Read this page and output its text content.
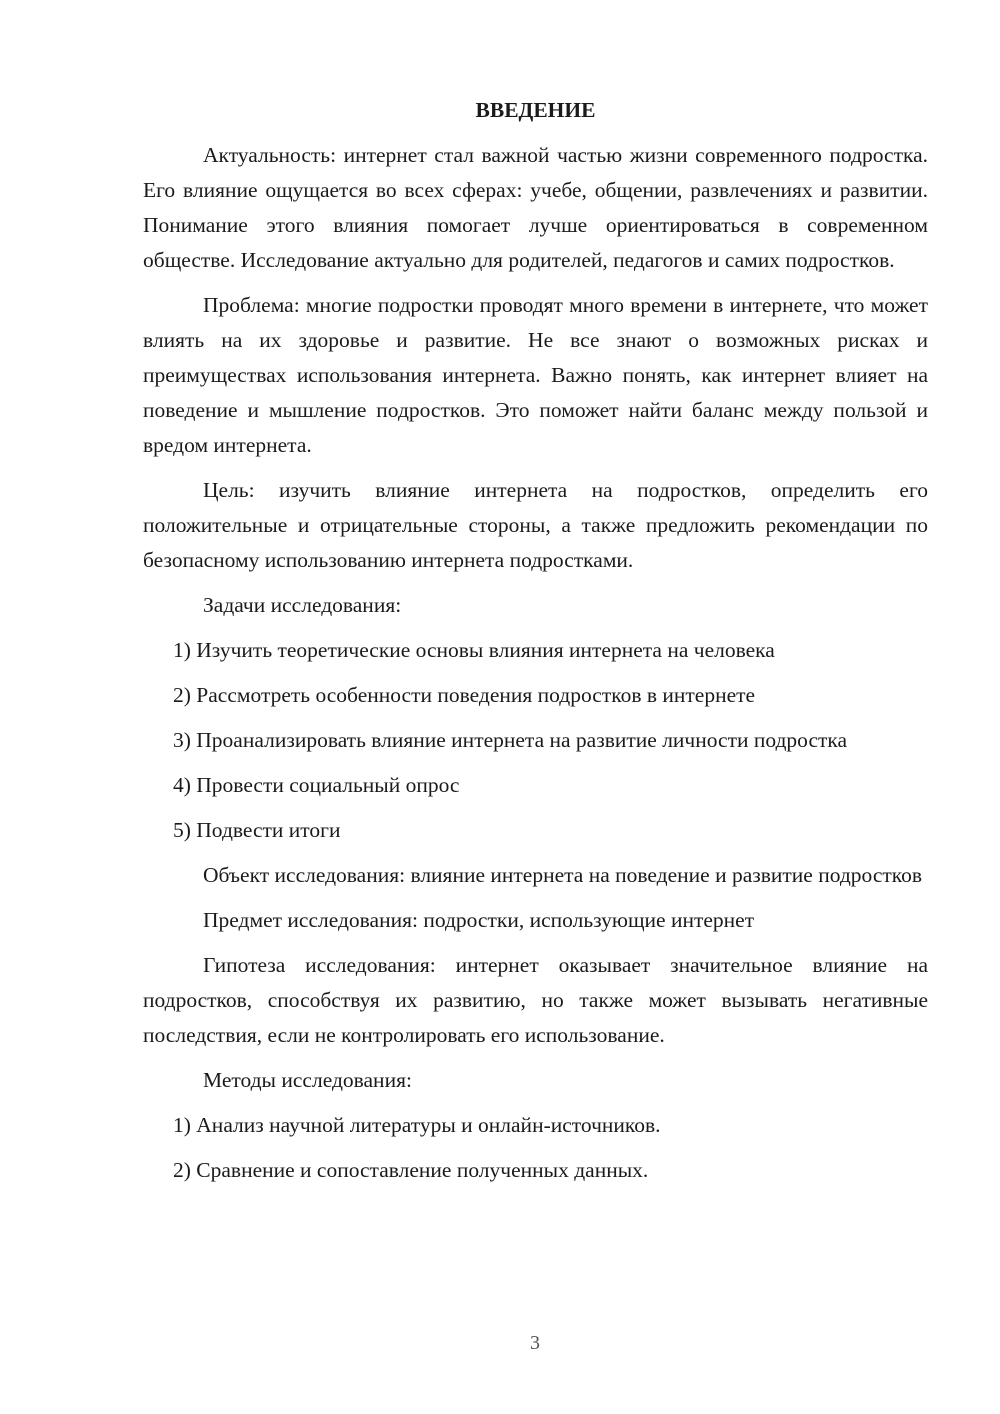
ВВЕДЕНИЕ

Актуальность: интернет стал важной частью жизни современного подростка. Его влияние ощущается во всех сферах: учебе, общении, развлечениях и развитии. Понимание этого влияния помогает лучше ориентироваться в современном обществе. Исследование актуально для родителей, педагогов и самих подростков.

Проблема: многие подростки проводят много времени в интернете, что может влиять на их здоровье и развитие. Не все знают о возможных рисках и преимуществах использования интернета. Важно понять, как интернет влияет на поведение и мышление подростков. Это поможет найти баланс между пользой и вредом интернета.

Цель: изучить влияние интернета на подростков, определить его положительные и отрицательные стороны, а также предложить рекомендации по безопасному использованию интернета подростками.

Задачи исследования:

1) Изучить теоретические основы влияния интернета на человека

2) Рассмотреть особенности поведения подростков в интернете

3) Проанализировать влияние интернета на развитие личности подростка

4) Провести социальный опрос

5) Подвести итоги

Объект исследования: влияние интернета на поведение и развитие подростков

Предмет исследования: подростки, использующие интернет

Гипотеза исследования: интернет оказывает значительное влияние на подростков, способствуя их развитию, но также может вызывать негативные последствия, если не контролировать его использование.

Методы исследования:

1) Анализ научной литературы и онлайн-источников.

2) Сравнение и сопоставление полученных данных.

3
